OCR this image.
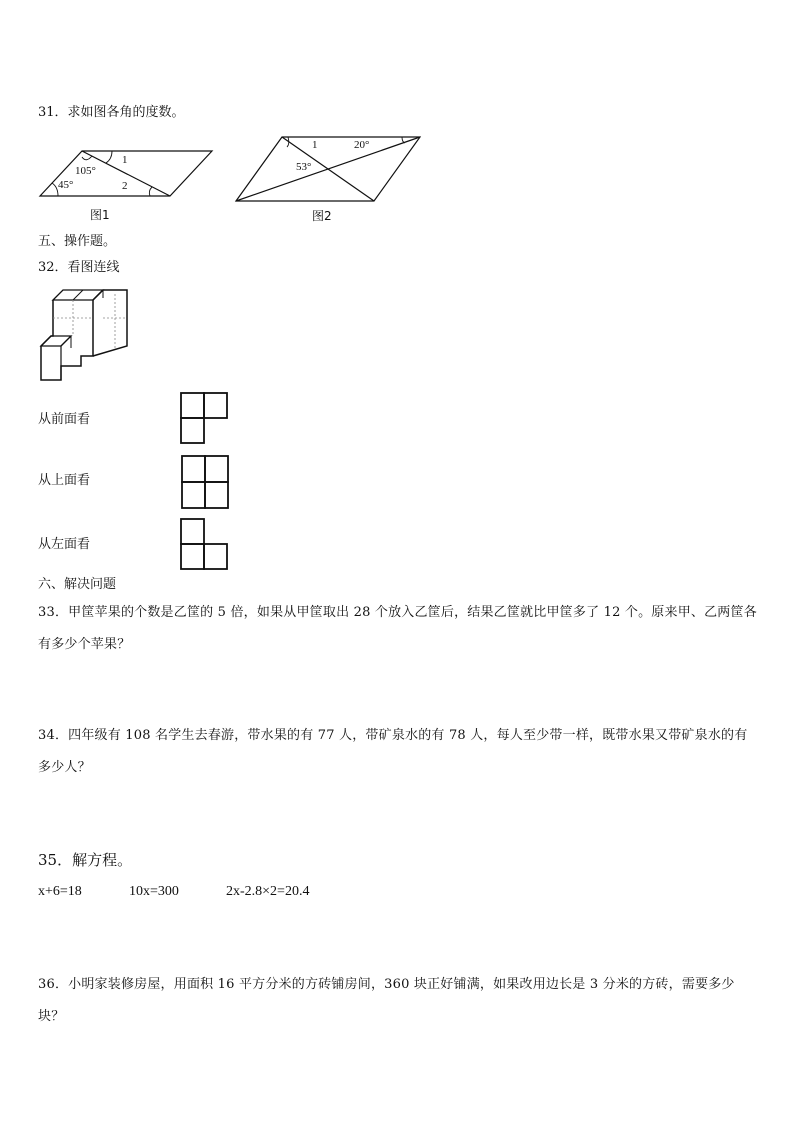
31．求如图各角的度数。
105°
1
45°	2
图1
1	20°
53°
图2
五、操作题。
32．看图连线
从前面看
从上面看
从左面看
六、解决问题
33．甲筐苹果的个数是乙筐的 5 倍，如果从甲筐取出 28 个放入乙筐后，结果乙筐就比甲筐多了 12 个。原来甲、乙两筐各有多少个苹果？
34．四年级有 108 名学生去春游，带水果的有 77 人，带矿泉水的有 78 人，每人至少带一样，既带水果又带矿泉水的有多少人？
35．解方程。
x+6=18	10x=300	2x-2.8×2=20.4
36．小明家装修房屋，用面积 16 平方分米的方砖铺房间，360 块正好铺满，如果改用边长是 3 分米的方砖，需要多少块？
